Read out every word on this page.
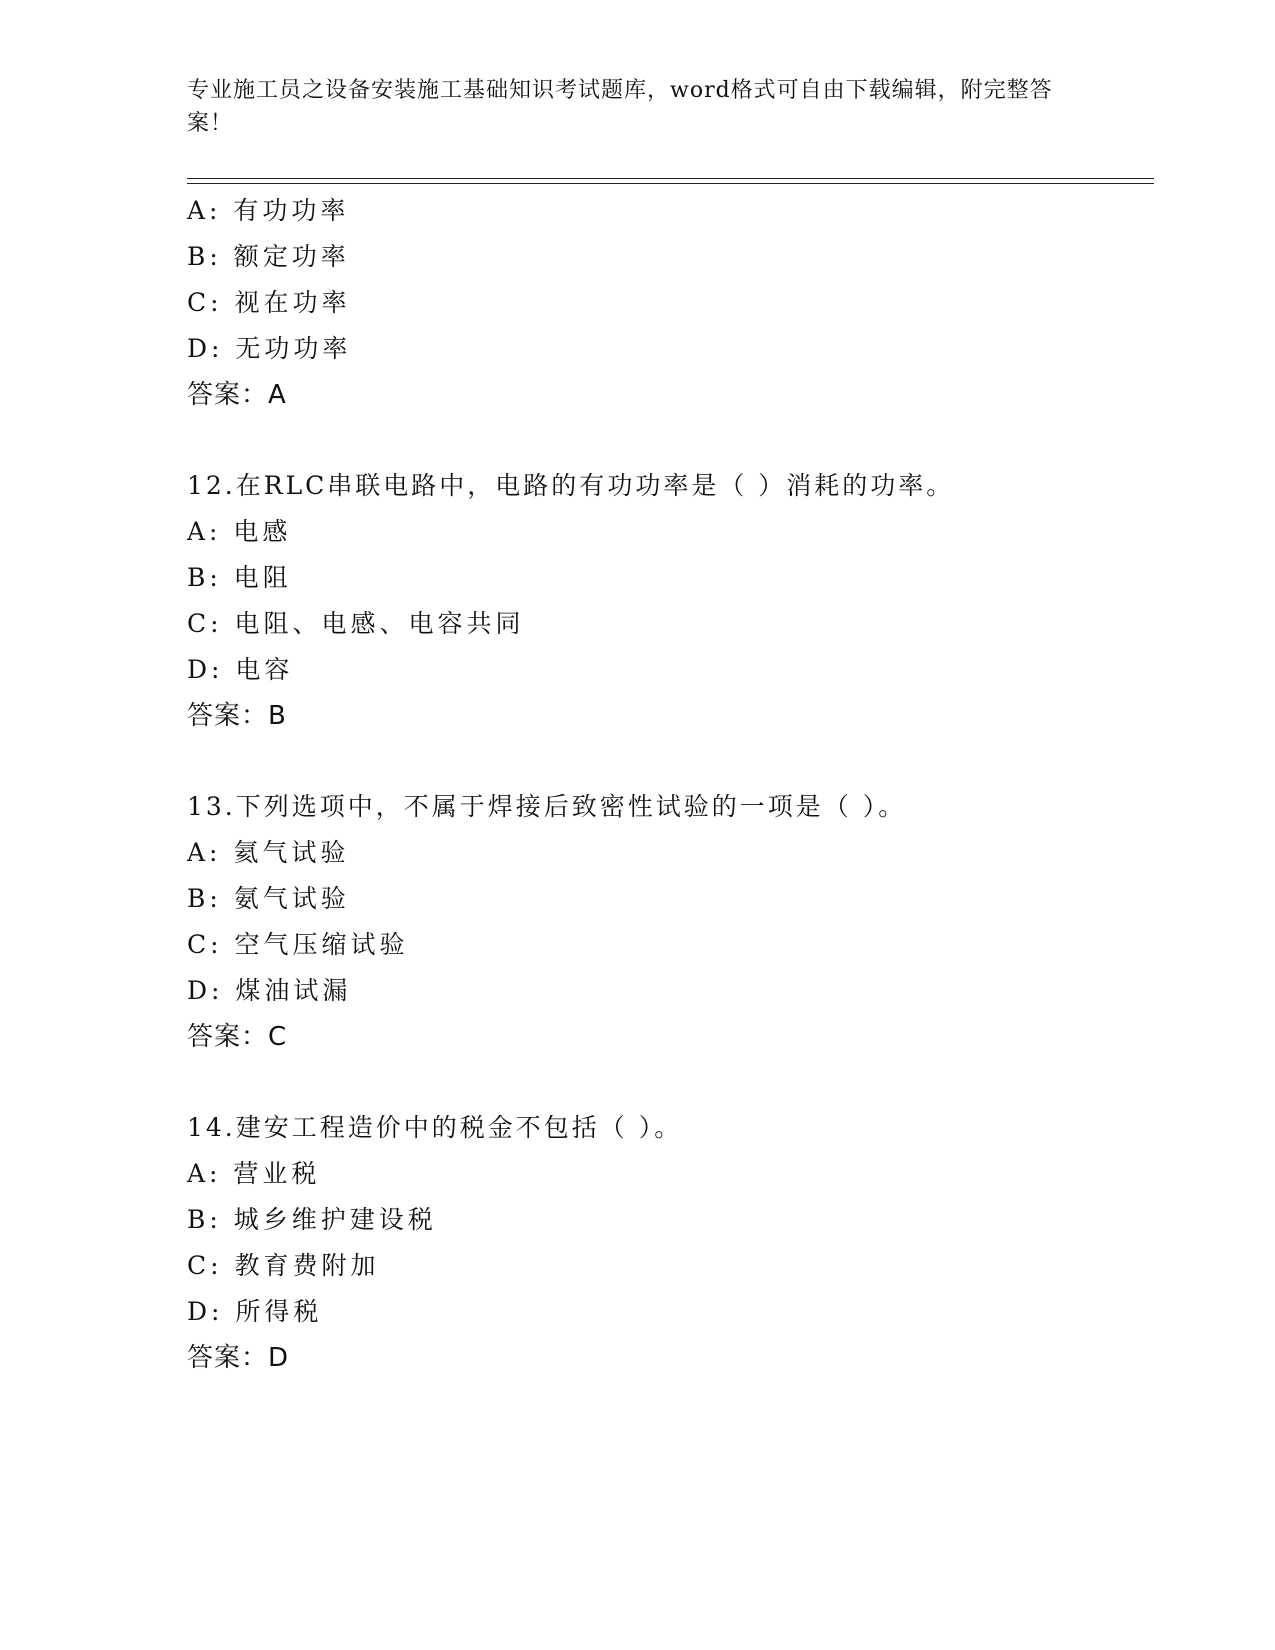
专业施工员之设备安装施工基础知识考试题库，word格式可自由下载编辑，附完整答案！
A: 有功功率
B: 额定功率
C: 视在功率
D: 无功功率
答案：A
12.在RLC串联电路中，电路的有功功率是（ ）消耗的功率。
A: 电感
B: 电阻
C: 电阻、电感、电容共同
D: 电容
答案：B
13.下列选项中，不属于焊接后致密性试验的一项是（ ）。
A: 氦气试验
B: 氨气试验
C: 空气压缩试验
D: 煤油试漏
答案：C
14.建安工程造价中的税金不包括（ ）。
A: 营业税
B: 城乡维护建设税
C: 教育费附加
D: 所得税
答案：D
